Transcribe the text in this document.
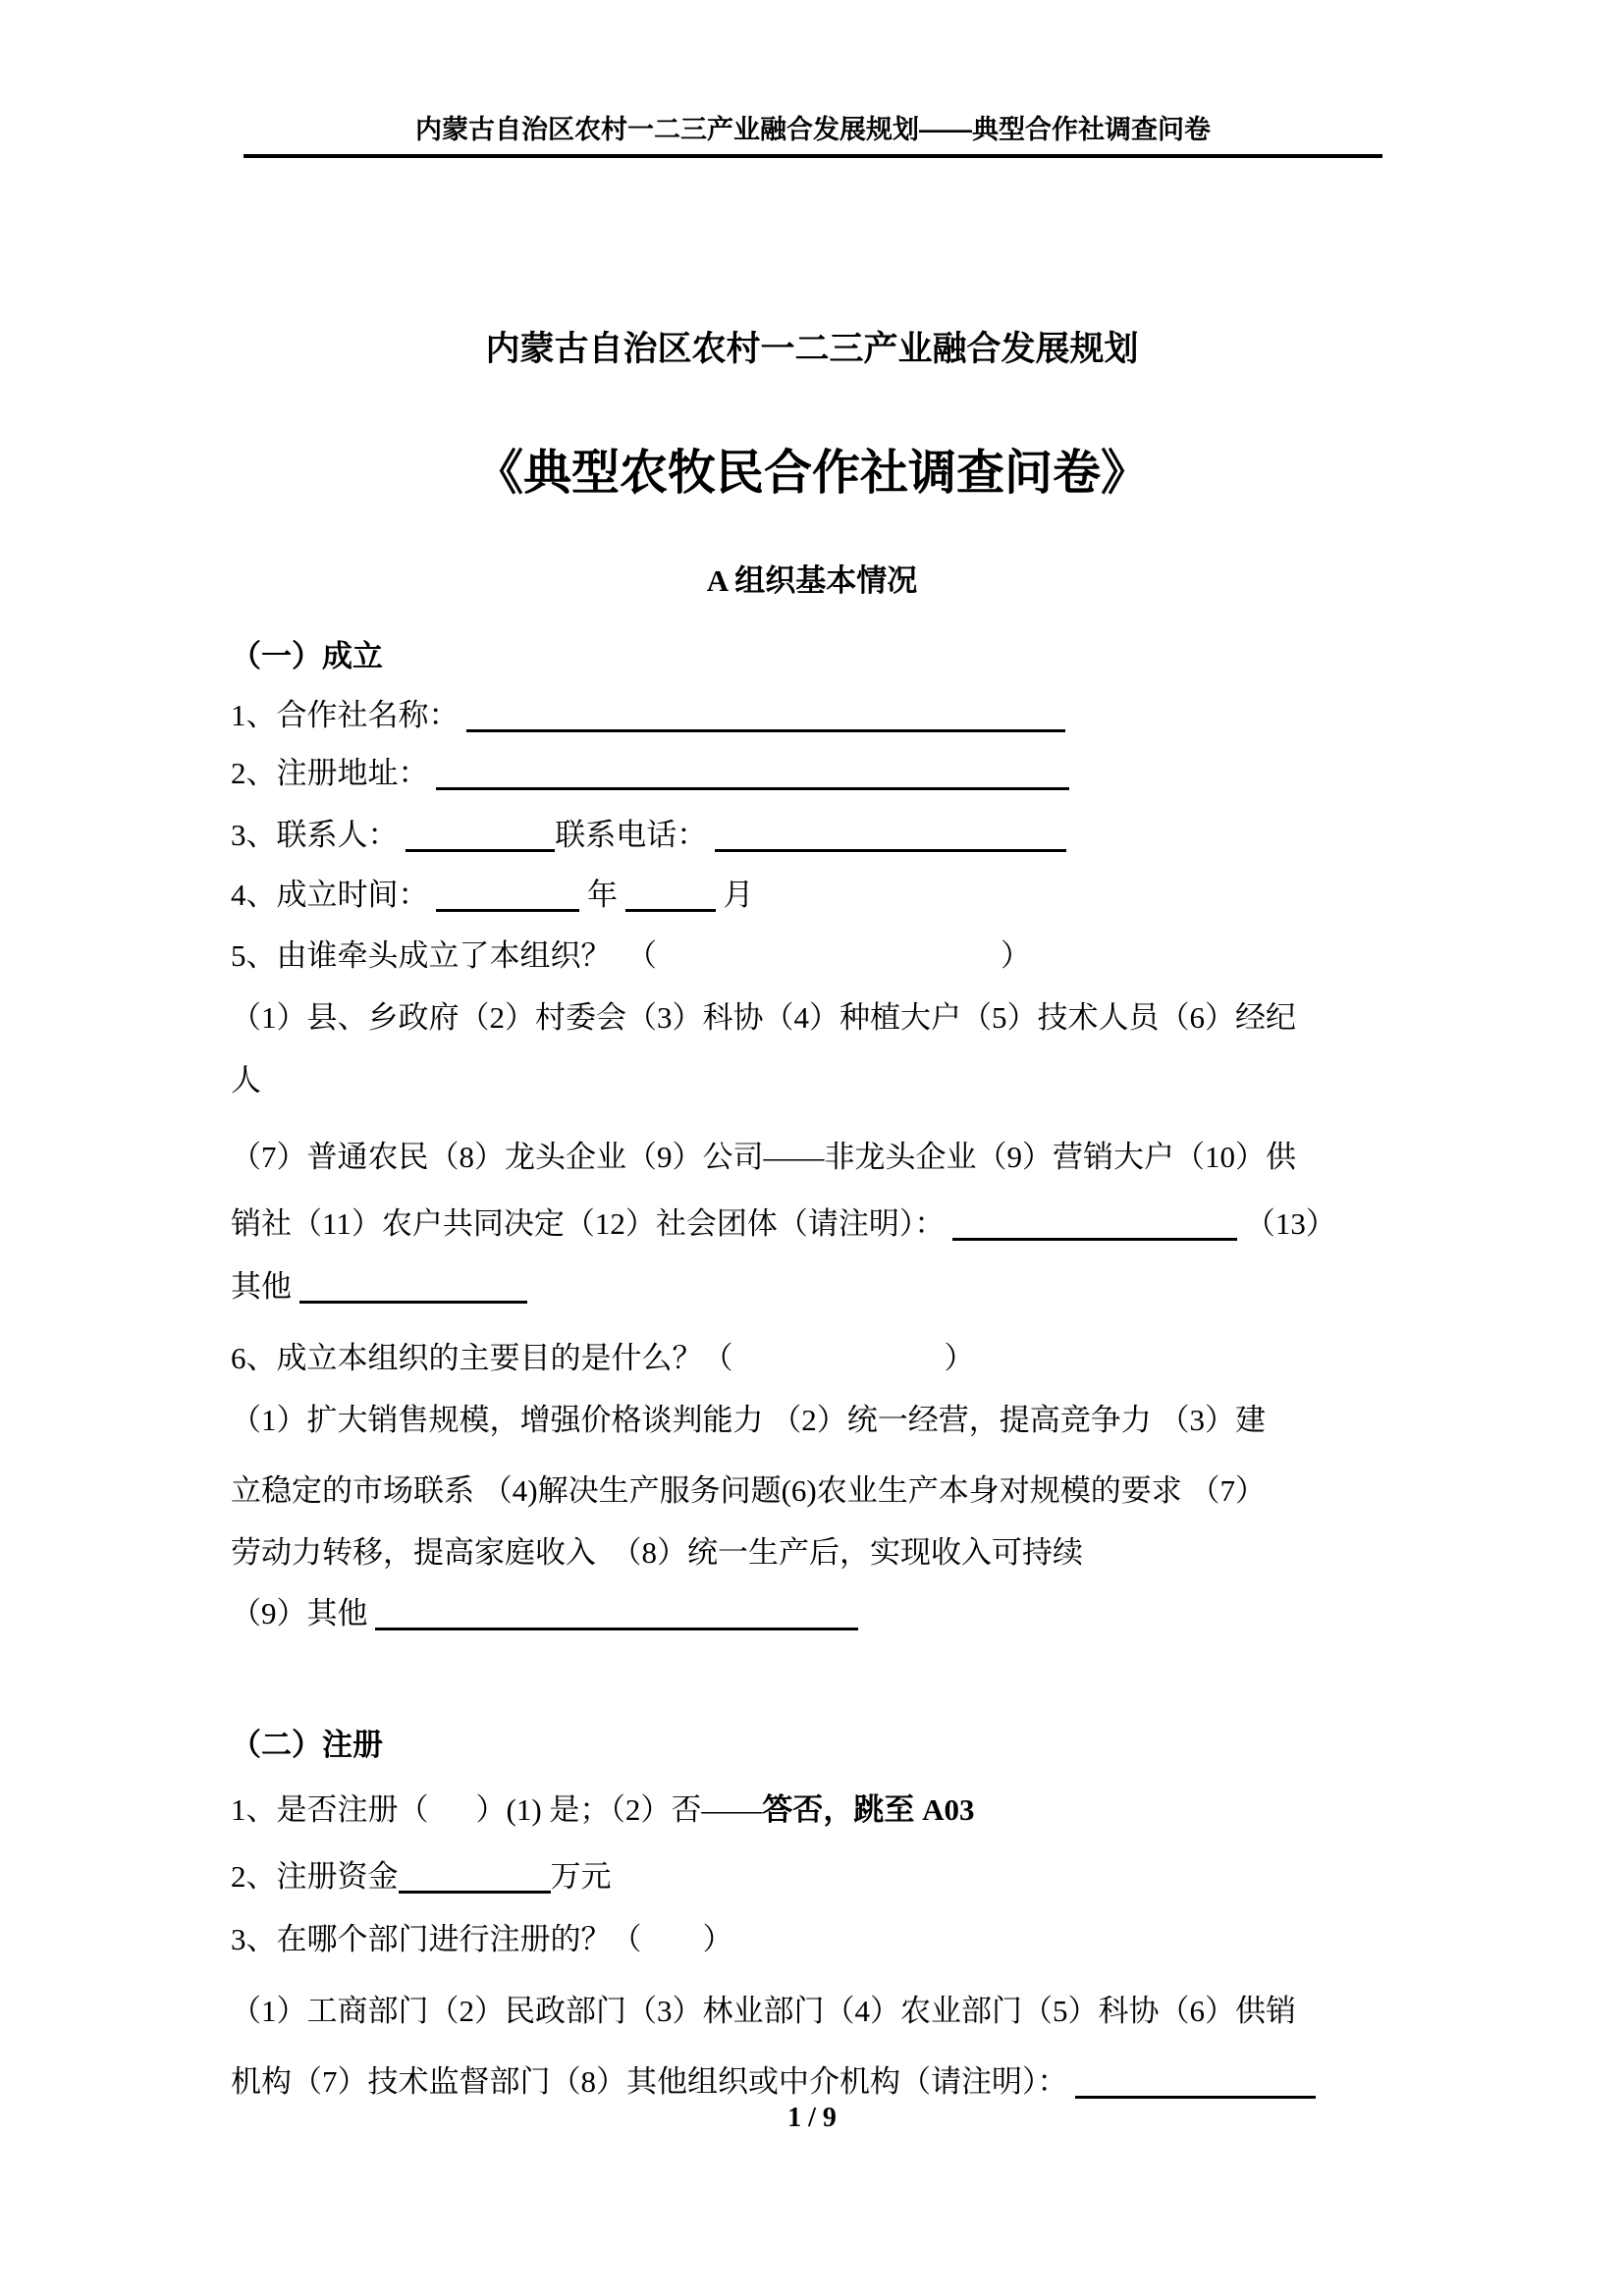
内蒙古自治区农村一二三产业融合发展规划——典型合作社调查问卷
内蒙古自治区农村一二三产业融合发展规划
《典型农牧民合作社调查问卷》
A 组织基本情况
（一）成立
1、合作社名称：
2、注册地址：
3、联系人：	联系电话：
4、成立时间：	年	月
5、由谁牵头成立了本组织？　（	）
（1）县、乡政府（2）村委会（3）科协（4）种植大户（5）技术人员（6）经纪
人
（7）普通农民（8）龙头企业（9）公司——非龙头企业（9）营销大户（10）供
销社（11）农户共同决定（12）社会团体（请注明）：	（13）
其他
6、成立本组织的主要目的是什么？（	）
（1）扩大销售规模，增强价格谈判能力 （2）统一经营，提高竞争力 （3）建
立稳定的市场联系 （4)解决生产服务问题(6)农业生产本身对规模的要求 （7）
劳动力转移，提高家庭收入　（8）统一生产后，实现收入可持续
（9）其他
（二）注册
1、是否注册（ ）(1) 是；（2）否——答否，跳至 A03
2、注册资金	万元
3、在哪个部门进行注册的？（ ）
（1）工商部门（2）民政部门（3）林业部门（4）农业部门（5）科协（6）供销
机构（7）技术监督部门（8）其他组织或中介机构（请注明）：
1 / 9
